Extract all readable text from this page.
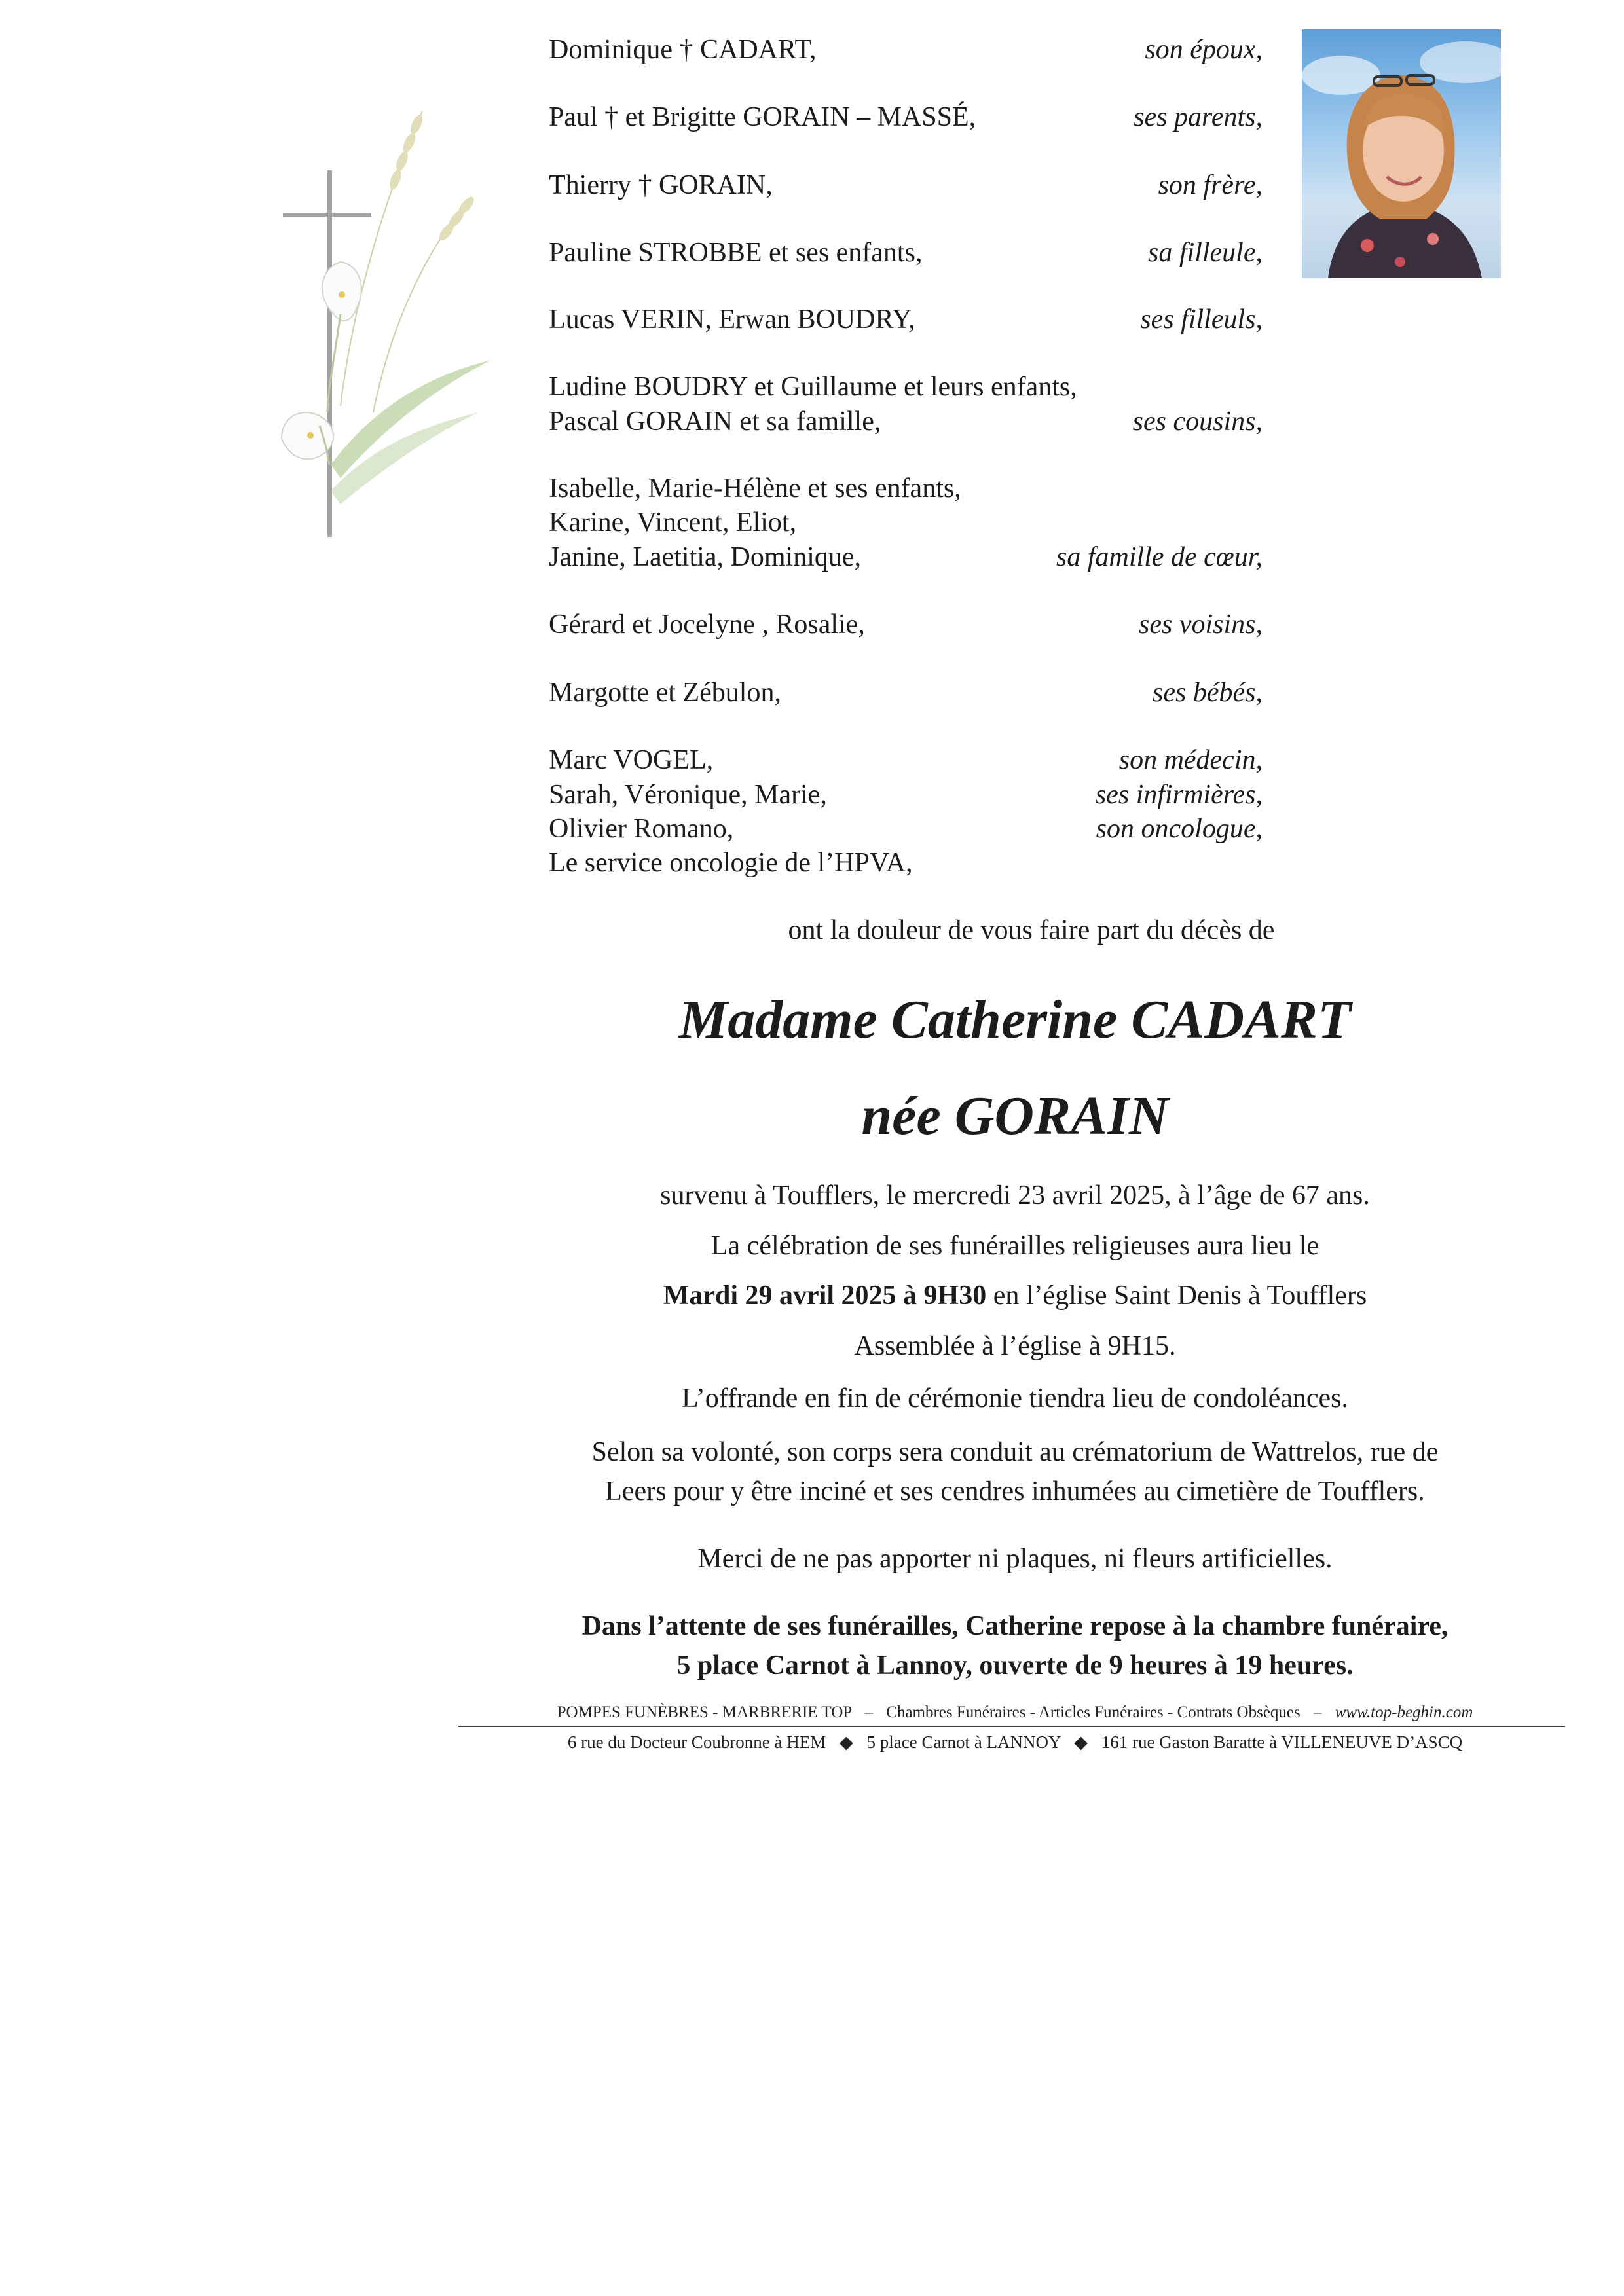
Dominique † CADART,	son époux,
Paul † et Brigitte GORAIN – MASSÉ,	ses parents,
Thierry † GORAIN,	son frère,
Pauline STROBBE et ses enfants,	sa filleule,
Lucas VERIN, Erwan BOUDRY,	ses filleuls,
Ludine BOUDRY et Guillaume et leurs enfants,
Pascal GORAIN et sa famille,	ses cousins,
Isabelle, Marie-Hélène et ses enfants,
Karine, Vincent, Eliot,
Janine, Laetitia, Dominique,	sa famille de cœur,
Gérard et Jocelyne , Rosalie,	ses voisins,
Margotte et Zébulon,	ses bébés,
Marc VOGEL,	son médecin,
Sarah, Véronique, Marie,	ses infirmières,
Olivier Romano,	son oncologue,
Le service oncologie de l’HPVA,
ont la douleur de vous faire part du décès de
Madame Catherine CADART
née GORAIN
survenu à Toufflers, le mercredi 23 avril 2025, à l’âge de 67 ans.
La célébration de ses funérailles religieuses aura lieu le
Mardi 29 avril 2025 à 9H30 en l’église Saint Denis à Toufflers
Assemblée à l’église à 9H15.
L’offrande en fin de cérémonie tiendra lieu de condoléances.
Selon sa volonté, son corps sera conduit au crématorium de Wattrelos, rue de
Leers pour y être inciné et ses cendres inhumées au cimetière de Toufflers.
Merci de ne pas apporter ni plaques, ni fleurs artificielles.
Dans l’attente de ses funérailles, Catherine repose à la chambre funéraire,
5 place Carnot à Lannoy, ouverte de 9 heures à 19 heures.
POMPES FUNÈBRES - MARBRERIE TOP – Chambres Funéraires - Articles Funéraires - Contrats Obsèques – www.top-beghin.com
6 rue du Docteur Coubronne à HEM ◆ 5 place Carnot à LANNOY ◆ 161 rue Gaston Baratte à VILLENEUVE D’ASCQ
